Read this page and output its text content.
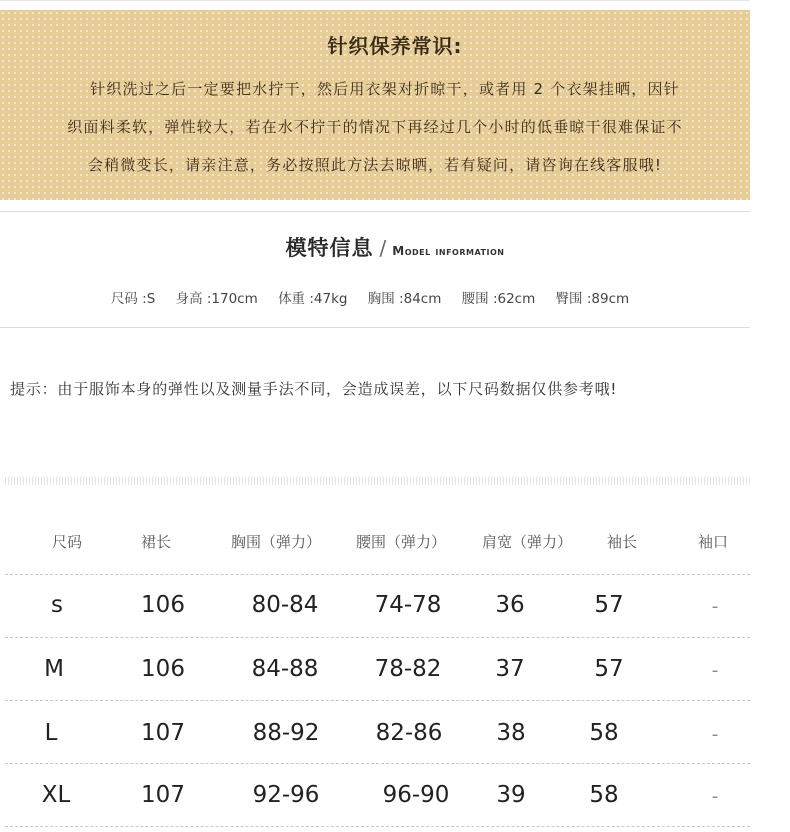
针织保养常识:
针织洗过之后一定要把水拧干，然后用衣架对折晾干，或者用 2 个衣架挂晒，因针
织面料柔软，弹性较大，若在水不拧干的情况下再经过几个小时的低垂晾干很难保证不
会稍微变长，请亲注意，务必按照此方法去晾晒，若有疑问，请咨询在线客服哦!
模特信息 / Model information
尺码 :S 身高 :170cm 体重 :47kg 胸围 :84cm 腰围 :62cm 臀围 :89cm
提示：由于服饰本身的弹性以及测量手法不同，会造成误差，以下尺码数据仅供参考哦!
尺码	裙长	胸围（弹力） 腰围（弹力） 肩宽（弹力） 袖长	袖口
s	106	80-84 74-78 36	57	-
M	106	84-88 78-82 37	57	-
L	107	88-92 82-86 38	58	-
XL	107	92-96	96-90 39	58	-
